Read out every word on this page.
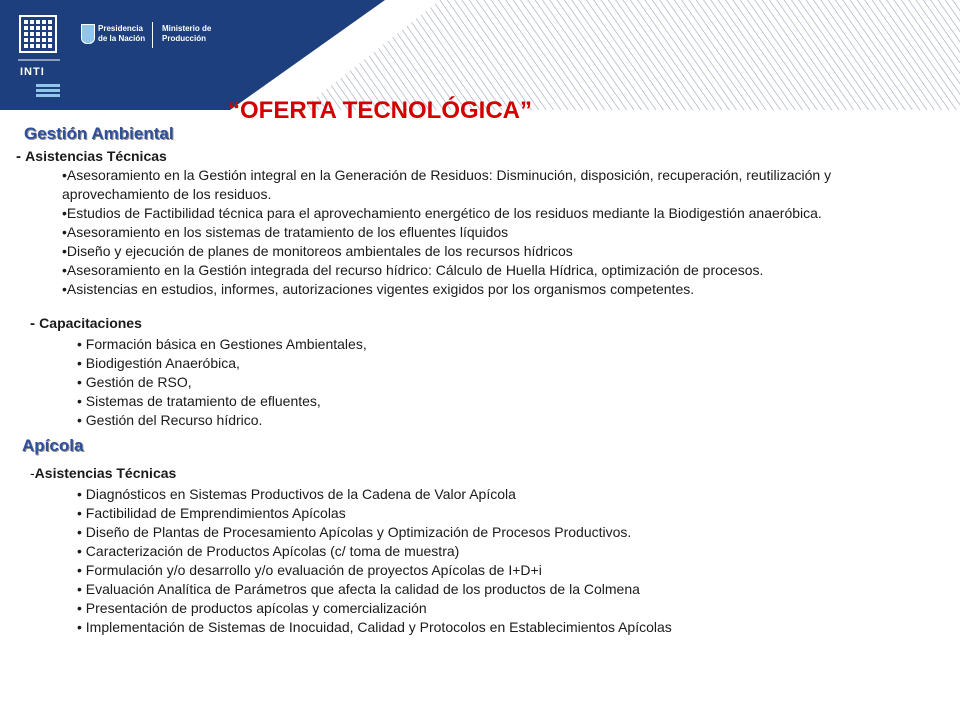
INTI
Presidencia
de la Nación
Ministerio de
Producción
“OFERTA TECNOLÓGICA”
Gestión Ambiental
- Asistencias Técnicas
• Asesoramiento en la Gestión integral en la Generación de Residuos: Disminución, disposición, recuperación, reutilización y aprovechamiento de los residuos.
• Estudios de Factibilidad técnica para el aprovechamiento energético de los residuos mediante la Biodigestión anaeróbica.
• Asesoramiento en los sistemas de tratamiento de los efluentes líquidos
• Diseño y ejecución de planes de monitoreos ambientales de los recursos hídricos
• Asesoramiento en la Gestión integrada del recurso hídrico: Cálculo de Huella Hídrica, optimización de procesos.
• Asistencias en estudios, informes, autorizaciones vigentes exigidos por los organismos competentes.
- Capacitaciones
• Formación básica en Gestiones Ambientales,
• Biodigestión Anaeróbica,
• Gestión de RSO,
• Sistemas de tratamiento de efluentes,
• Gestión del Recurso hídrico.
Apícola
-Asistencias Técnicas
• Diagnósticos en Sistemas Productivos de la Cadena de Valor Apícola
• Factibilidad de Emprendimientos Apícolas
• Diseño de Plantas de Procesamiento Apícolas y Optimización de Procesos Productivos.
• Caracterización de Productos Apícolas (c/ toma de muestra)
• Formulación y/o desarrollo y/o evaluación de proyectos Apícolas de I+D+i
• Evaluación Analítica de Parámetros que afecta la calidad de los productos de la Colmena
• Presentación de productos apícolas y comercialización
• Implementación de Sistemas de Inocuidad, Calidad y Protocolos en Establecimientos Apícolas
